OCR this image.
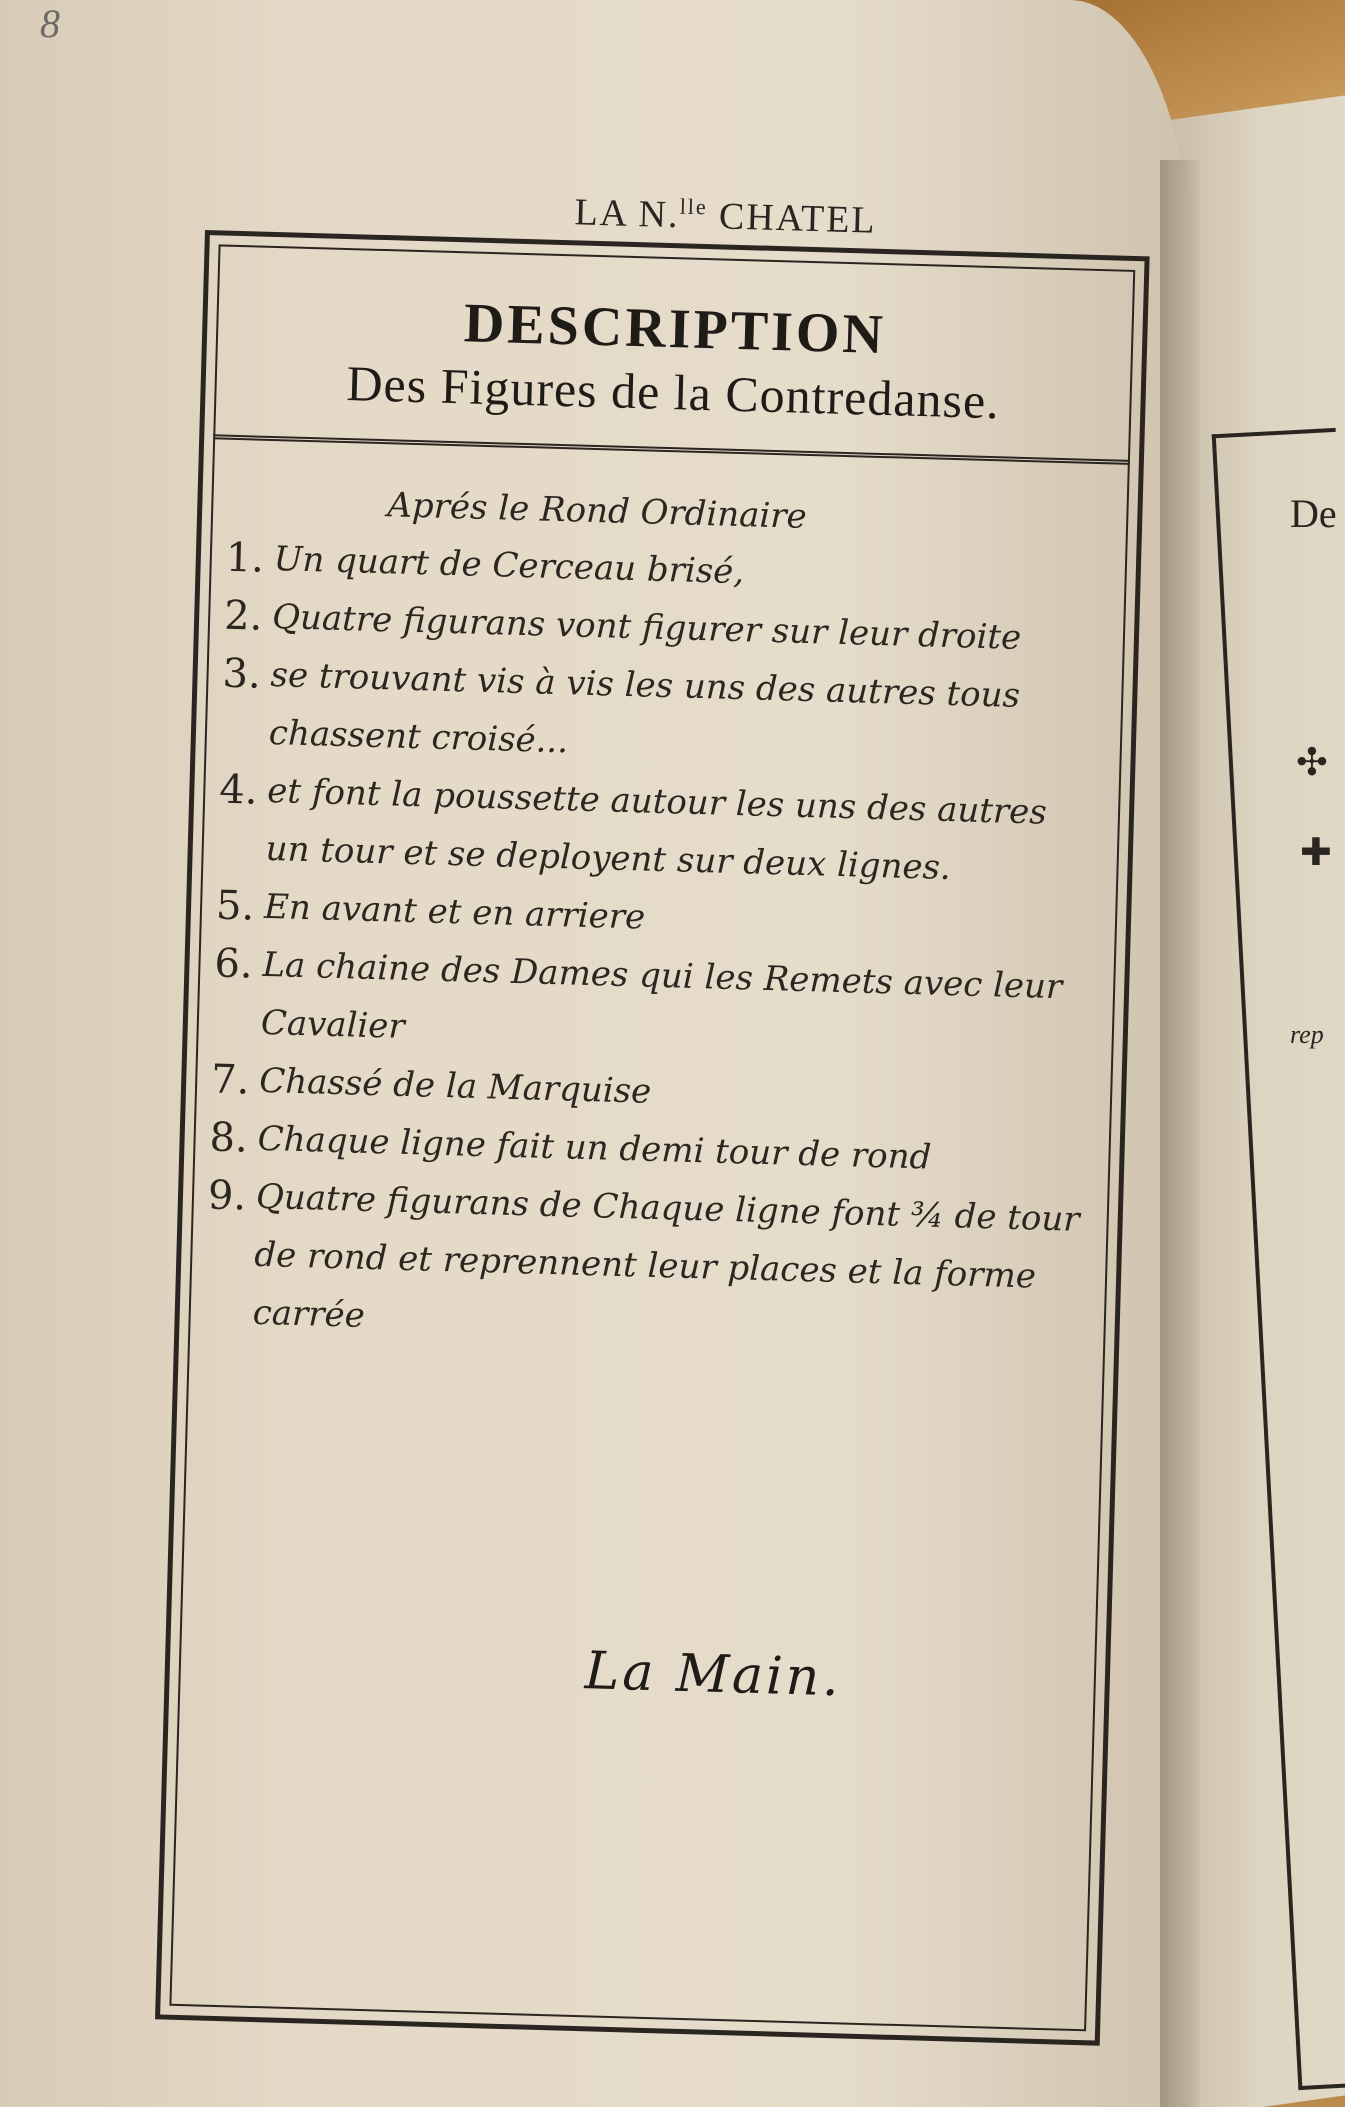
8
LA N.$^{lle}$ CHATEL
DESCRIPTION
Des Figures de la Contredanse.
Aprés le Rond Ordinaire
1. Un quart de Cerceau brisé,
2. Quatre figurans vont figurer sur leur droite
3. se trouvant vis à vis les uns des autres tous chassent croisé...
4. et font la poussette autour les uns des autres un tour et se deployent sur deux lignes.
5. En avant et en arriere
6. La chaine des Dames qui les Remets avec leur Cavalier
7. Chassé de la Marquise
8. Chaque ligne fait un demi tour de rond
9. Quatre figurans de Chaque ligne font ¾ de tour de rond et reprennent leur places et la forme carrée
La Main.
De
rep
✣
✚
